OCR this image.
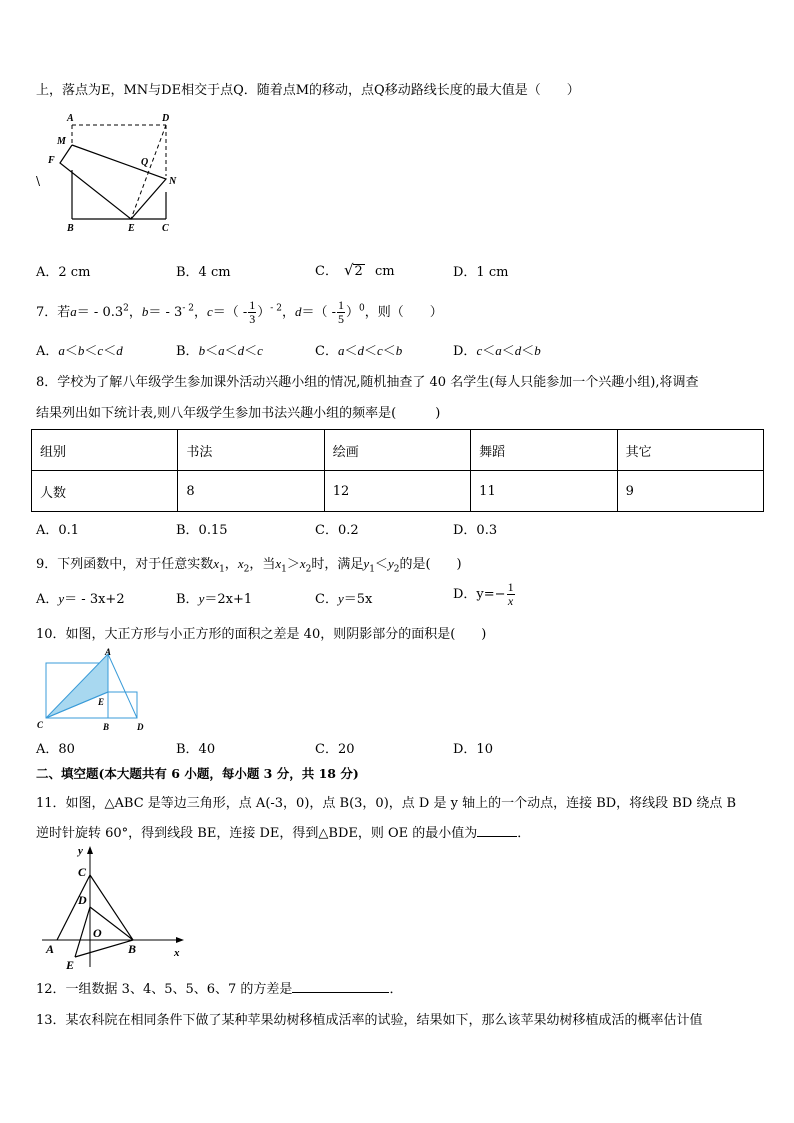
上，落点为E，MN与DE相交于点Q．随着点M的移动，点Q移动路线长度的最大值是（　　）
\
A	D
M
F	Q
N
B	E	C
A．2 cm	B．4 cm	C． √2 cm	D．1 cm
7．若$a= - 0.3^2$，$b= - 3^{- 2}$，$c=( - \frac{1}{3} )^{- 2}$，$d=( - \frac{1}{5} )^0$，则（　　）
A．a＜b＜c＜d	B．b＜a＜d＜c	C．a＜d＜c＜b	D．c＜a＜d＜b
8．学校为了解八年级学生参加课外活动兴趣小组的情况,随机抽查了 40 名学生(每人只能参加一个兴趣小组),将调查
结果列出如下统计表,则八年级学生参加书法兴趣小组的频率是(　　　)
组别	书法	绘画	舞蹈	其它
人数	8	12	11	9
A．0.1	B．0.15	C．0.2	D．0.3
9．下列函数中，对于任意实数$x_1$，$x_2$，当$x_1>x_2$时，满足$y_1<y_2$的是(　　)
A．y＝ - 3x+2	B．y＝2x+1	C．y＝5x	D．$y=- \frac{1}{x}$
10．如图，大正方形与小正方形的面积之差是 40，则阴影部分的面积是(　　)
A
E
C	B	D
A．80	B．40	C．20	D．10
二、填空题(本大题共有 6 小题，每小题 3 分，共 18 分)
11．如图，△ABC 是等边三角形，点 A(-3，0)，点 B(3，0)，点 D 是 y 轴上的一个动点，连接 BD，将线段 BD 绕点 B
逆时针旋转 60°，得到线段 BE，连接 DE，得到△BDE，则 OE 的最小值为	．
y
C
D
O
A	B	x
E
12．一组数据 3、4、5、5、6、7 的方差是	．
13．某农科院在相同条件下做了某种苹果幼树移植成活率的试验，结果如下，那么该苹果幼树移植成活的概率估计值
